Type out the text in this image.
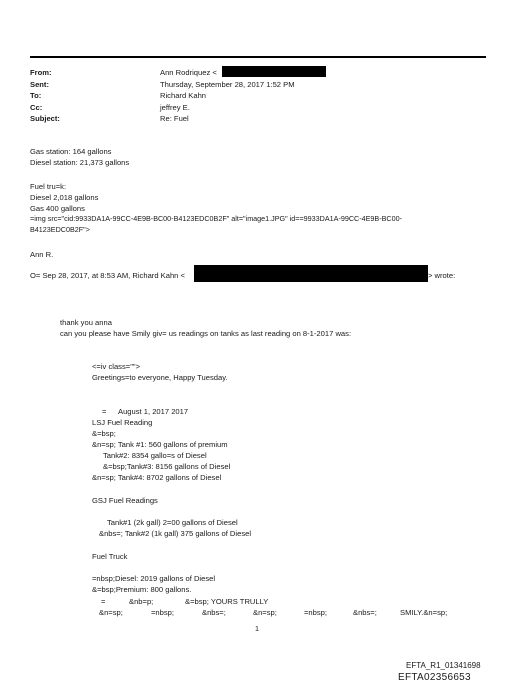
From:	Ann Rodriquez <
Sent:	Thursday, September 28, 2017 1:52 PM
To:	Richard Kahn
Cc:	jeffrey E.
Subject:	Re: Fuel
Gas station: 164 gallons
Diesel station: 21,373 gallons
Fuel tru=k:
Diesel 2,018 gallons
Gas 400 gallons
=img src="cid:9933DA1A-99CC-4E9B-BC00-B4123EDC0B2F" alt="image1.JPG" id==9933DA1A-99CC-4E9B-BC00-
B4123EDC0B2F">
Ann R.
O= Sep 28, 2017, at 8:53 AM, Richard Kahn <	> wrote:
thank you anna
can you please have Smily giv= us readings on tanks as last reading on 8-1-2017 was:
<=iv class="">
Greetings=to everyone, Happy Tuesday.
= August 1, 2017 2017
LSJ Fuel Reading
&=bsp;
&n=sp; Tank #1: 560 gallons of premium
Tank#2: 8354 gallo=s of Diesel
&=bsp;Tank#3: 8156 gallons of Diesel
&n=sp; Tank#4: 8702 gallons of Diesel
GSJ Fuel Readings
Tank#1 (2k gall) 2=00 gallons of Diesel
&nbs=; Tank#2 (1k gall) 375 gallons of Diesel
Fuel Truck
=nbsp;Diesel: 2019 gallons of Diesel
&=bsp;Premium: 800 gallons.
=	&nb=p;	&=bsp; YOURS TRULLY
&n=sp;	=nbsp;	&nbs=;	&n=sp;	=nbsp;	&nbs=;	SMILY.&n=sp;
1
EFTA_R1_01341698
EFTA02356653
